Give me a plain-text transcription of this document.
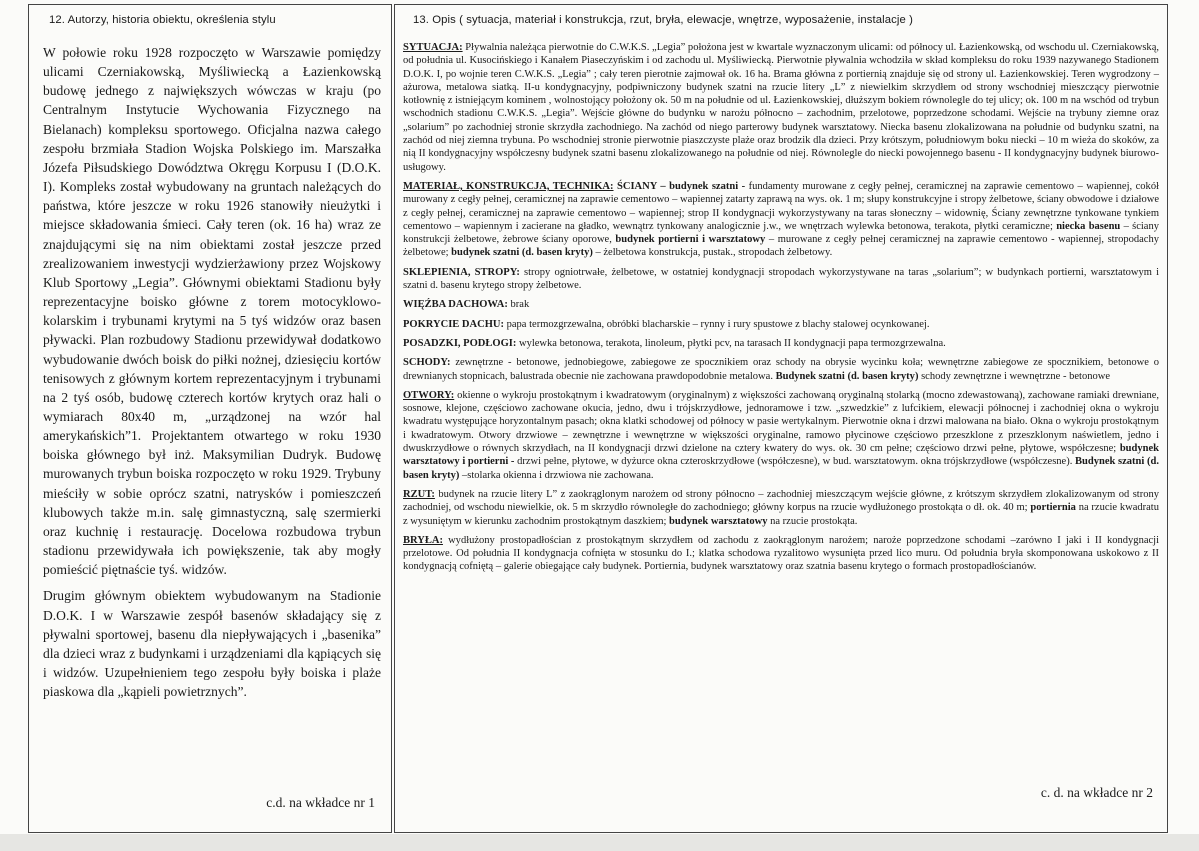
12. Autorzy, historia obiektu, określenia stylu

W połowie roku 1928 rozpoczęto w Warszawie pomiędzy ulicami Czerniakowską, Myśliwiecką a Łazienkowską budowę jednego z największych wówczas w kraju (po Centralnym Instytucie Wychowania Fizycznego na Bielanach) kompleksu sportowego. Oficjalna nazwa całego zespołu brzmiała Stadion Wojska Polskiego im. Marszałka Józefa Piłsudskiego Dowództwa Okręgu Korpusu I (D.O.K. I). Kompleks został wybudowany na gruntach należących do państwa, które jeszcze w roku 1926 stanowiły nieużytki i miejsce składowania śmieci. Cały teren (ok. 16 ha) wraz ze znajdującymi się na nim obiektami został jeszcze przed zrealizowaniem inwestycji wydzierżawiony przez Wojskowy Klub Sportowy „Legia”. Głównymi obiektami Stadionu były reprezentacyjne boisko główne z torem motocyklowo-kolarskim i trybunami krytymi na 5 tyś widzów oraz basen pływacki. Plan rozbudowy Stadionu przewidywał dodatkowo wybudowanie dwóch boisk do piłki nożnej, dziesięciu kortów tenisowych z głównym kortem reprezentacyjnym i trybunami na 2 tyś osób, budowę czterech kortów krytych oraz hali o wymiarach 80x40 m, „urządzonej na wzór hal amerykańskich”1. Projektantem otwartego w roku 1930 boiska głównego był inż. Maksymilian Dudryk. Budowę murowanych trybun boiska rozpoczęto w roku 1929. Trybuny mieściły w sobie oprócz szatni, natrysków i pomieszczeń klubowych także m.in. salę gimnastyczną, salę szermierki oraz kuchnię i restaurację. Docelowa rozbudowa trybun stadionu przewidywała ich powiększenie, tak aby mogły pomieścić piętnaście tyś. widzów.

Drugim głównym obiektem wybudowanym na Stadionie D.O.K. I w Warszawie zespół basenów składający się z pływalni sportowej, basenu dla niepływających i „basenika” dla dzieci wraz z budynkami i urządzeniami dla kąpiących się i widzów. Uzupełnieniem tego zespołu były boiska i plaże piaskowa dla „kąpieli powietrznych”.

c.d. na wkładce nr 1
13. Opis ( sytuacja, materiał i konstrukcja, rzut, bryła, elewacje, wnętrze, wyposażenie, instalacje )

SYTUACJA: Pływalnia należąca pierwotnie do C.W.K.S. „Legia” położona jest w kwartale wyznaczonym ulicami: od północy ul. Łazienkowską, od wschodu ul. Czerniakowską, od południa ul. Kusocińskiego i Kanałem Piaseczyńskim i od zachodu ul. Myśliwiecką. Pierwotnie pływalnia wchodziła w skład kompleksu do roku 1939 nazywanego Stadionem D.O.K. I, po wojnie teren C.W.K.S. „Legia” ; cały teren pierotnie zajmował ok. 16 ha. Brama główna z portiernią znajduje się od strony ul. Łazienkowskiej. Teren wygrodzony – ażurowa, metalowa siatką. II-u kondygnacyjny, podpiwniczony budynek szatni na rzucie litery „L” z niewielkim skrzydłem od strony wschodniej mieszczący pierwotnie kotłownię z istniejącym kominem , wolnostojący położony ok. 50 m na południe od ul. Łazienkowskiej, dłuższym bokiem równolegle do tej ulicy; ok. 100 m na wschód od trybun wschodnich stadionu C.W.K.S. „Legia”. Wejście główne do budynku w narożu północno – zachodnim, przelotowe, poprzedzone schodami. Wejście na trybuny ziemne oraz „solarium” po zachodniej stronie skrzydła zachodniego. Na zachód od niego parterowy budynek warsztatowy. Niecka basenu zlokalizowana na południe od budynku szatni, na zachód od niej ziemna trybuna. Po wschodniej stronie pierwotnie piaszczyste plaże oraz brodzik dla dzieci. Przy krótszym, południowym boku niecki – 10 m wieża do skoków, za nią II kondygnacyjny współczesny budynek szatni basenu zlokalizowanego na południe od niej. Równolegle do niecki powojennego basenu - II kondygnacyjny budynek biurowo-usługowy.

MATERIAŁ, KONSTRUKCJA, TECHNIKA: ŚCIANY – budynek szatni - fundamenty murowane z cegły pełnej, ceramicznej na zaprawie cementowo – wapiennej, cokół murowany z cegły pełnej, ceramicznej na zaprawie cementowo – wapiennej zatarty zaprawą na wys. ok. 1 m; słupy konstrukcyjne i stropy żelbetowe, ściany obwodowe i działowe z cegły pełnej, ceramicznej na zaprawie cementowo – wapiennej; strop II kondygnacji wykorzystywany na taras słoneczny – widownię, Ściany zewnętrzne tynkowane tynkiem cementowo – wapiennym i zacierane na gładko, wewnątrz tynkowany analogicznie j.w., we wnętrzach wylewka betonowa, terakota, płytki ceramiczne; niecka basenu – ściany konstrukcji żelbetowe, żebrowe ściany oporowe, budynek portierni i warsztatowy – murowane z cegły pełnej ceramicznej na zaprawie cementowo - wapiennej, stropodachy żelbetowe; budynek szatni (d. basen kryty) – żelbetowa konstrukcja, pustak., stropodach żelbetowy.

SKLEPIENIA, STROPY: stropy ogniotrwałe, żelbetowe, w ostatniej kondygnacji stropodach wykorzystywane na taras „solarium”; w budynkach portierni, warsztatowym i szatni d. basenu krytego stropy żelbetowe.

WIĘŹBA DACHOWA: brak

POKRYCIE DACHU: papa termozgrzewalna, obróbki blacharskie – rynny i rury spustowe z blachy stalowej ocynkowanej.

POSADZKI, PODŁOGI: wylewka betonowa, terakota, linoleum, płytki pcv, na tarasach II kondygnacji papa termozgrzewalna.

SCHODY: zewnętrzne - betonowe, jednobiegowe, zabiegowe ze spocznikiem oraz schody na obrysie wycinku koła; wewnętrzne zabiegowe ze spocznikiem, betonowe o drewnianych stopnicach, balustrada obecnie nie zachowana prawdopodobnie metalowa. Budynek szatni (d. basen kryty) schody zewnętrzne i wewnętrzne - betonowe

OTWORY: okienne o wykroju prostokątnym i kwadratowym (oryginalnym) z większości zachowaną oryginalną stolarką (mocno zdewastowaną), zachowane ramiaki drewniane, sosnowe, klejone, częściowo zachowane okucia, jedno, dwu i trójskrzydłowe, jednoramowe i tzw. „szwedzkie” z lufcikiem, elewacji północnej i zachodniej okna o wykroju kwadratu występujące horyzontalnym pasach; okna klatki schodowej od północy w pasie wertykalnym. Pierwotnie okna i drzwi malowana na biało. Okna o wykroju prostokątnym i kwadratowym. Otwory drzwiowe – zewnętrzne i wewnętrzne w większości oryginalne, ramowo płycinowe częściowo przeszklone z przeszklonym naświetlem, jedno i dwuskrzydłowe o równych skrzydłach, na II kondygnacji drzwi dzielone na cztery kwatery do wys. ok. 30 cm pełne; częściowo drzwi pełne, płytowe, współczesne; budynek warsztatowy i portierni - drzwi pełne, płytowe, w dyżurce okna czteroskrzydłowe (współczesne), w bud. warsztatowym. okna trójskrzydłowe (współczesne). Budynek szatni (d. basen kryty) –stolarka okienna i drzwiowa nie zachowana.

RZUT: budynek na rzucie litery L” z zaokrąglonym narożem od strony północno – zachodniej mieszczącym wejście główne, z krótszym skrzydłem zlokalizowanym od strony zachodniej, od wschodu niewielkie, ok. 5 m skrzydło równoległe do zachodniego; główny korpus na rzucie wydłużonego prostokąta o dł. ok. 40 m; portiernia na rzucie kwadratu z wysuniętym w kierunku zachodnim prostokątnym daszkiem; budynek warsztatowy na rzucie prostokąta.

BRYŁA: wydłużony prostopadłościan z prostokątnym skrzydłem od zachodu z zaokrąglonym narożem; naroże poprzedzone schodami –zarówno I jaki i II kondygnacji przelotowe. Od południa II kondygnacja cofnięta w stosunku do I.; klatka schodowa ryzalitowo wysunięta przed lico muru. Od południa bryła skomponowana uskokowo z II kondygnacją cofniętą – galerie obiegające cały budynek. Portiernia, budynek warsztatowy oraz szatnia basenu krytego o formach prostopadłościanów.

c. d. na wkładce nr 2
